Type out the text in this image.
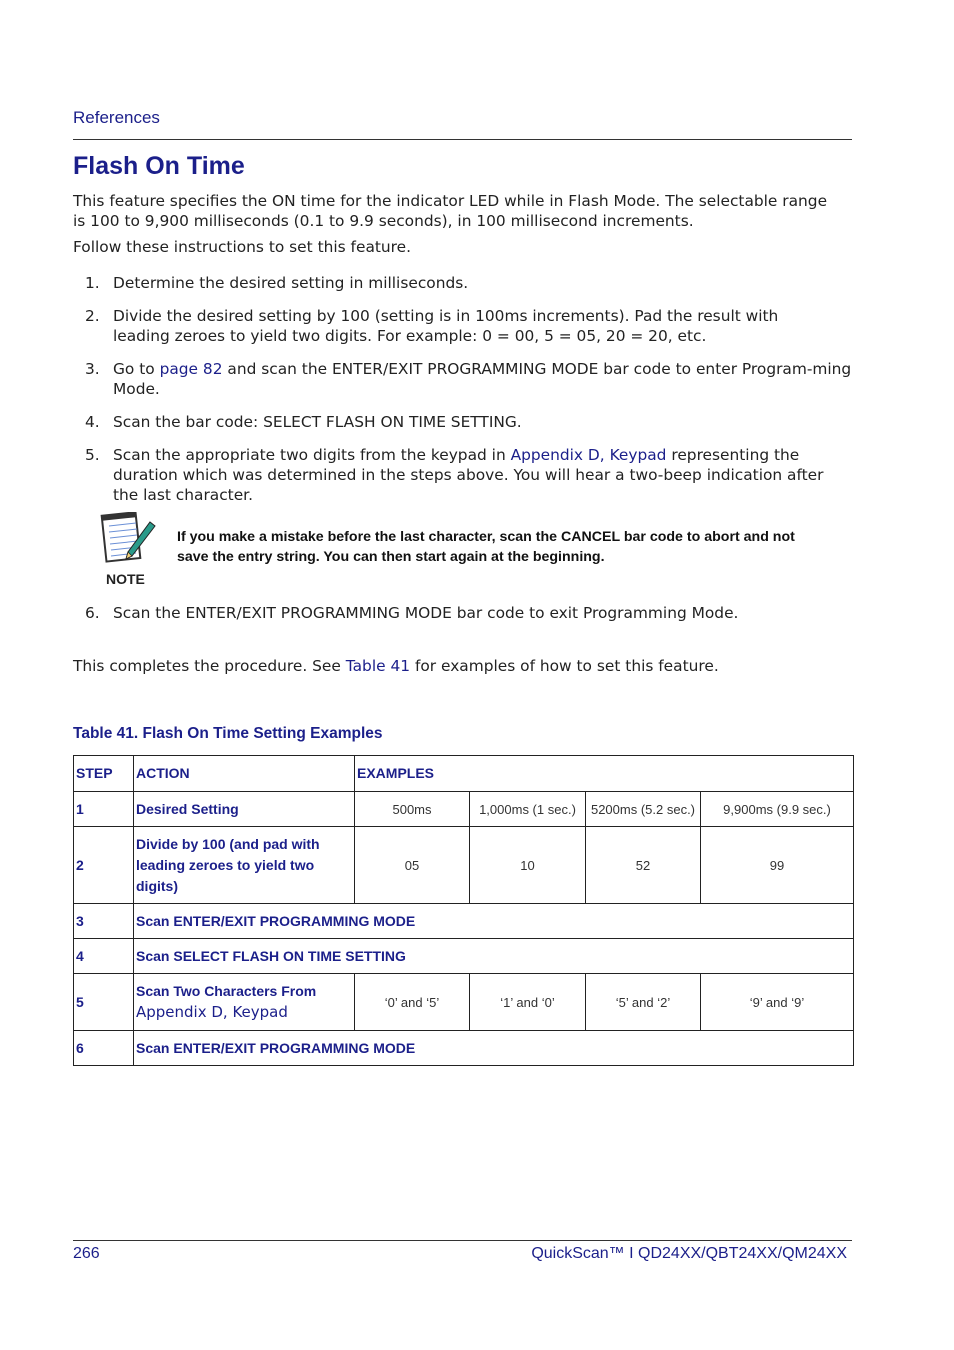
References
Flash On Time
This feature specifies the ON time for the indicator LED while in Flash Mode. The selectable range is 100 to 9,900 milliseconds (0.1 to 9.9 seconds), in 100 millisecond increments.
Follow these instructions to set this feature.
1. Determine the desired setting in milliseconds.
2. Divide the desired setting by 100 (setting is in 100ms increments). Pad the result with leading zeroes to yield two digits. For example: 0 = 00, 5 = 05, 20 = 20, etc.
3. Go to page 82 and scan the ENTER/EXIT PROGRAMMING MODE bar code to enter Program-ming Mode.
4. Scan the bar code: SELECT FLASH ON TIME SETTING.
5. Scan the appropriate two digits from the keypad in Appendix D, Keypad representing the duration which was determined in the steps above. You will hear a two-beep indication after the last character.
NOTE
If you make a mistake before the last character, scan the CANCEL bar code to abort and not save the entry string. You can then start again at the beginning.
6. Scan the ENTER/EXIT PROGRAMMING MODE bar code to exit Programming Mode.
This completes the procedure. See Table 41 for examples of how to set this feature.
Table 41. Flash On Time Setting Examples
STEP	ACTION	EXAMPLES			
1	Desired Setting	500ms	1,000ms (1 sec.)	5200ms (5.2 sec.)	9,900ms (9.9 sec.)
2	Divide by 100 (and pad with leading zeroes to yield two digits)	05	10	52	99
3	Scan ENTER/EXIT PROGRAMMING MODE				
4	Scan SELECT FLASH ON TIME SETTING				
5	Scan Two Characters From
Appendix D, Keypad	‘0’ and ‘5’	‘1’ and ‘0’	‘5’ and ‘2’	‘9’ and ‘9’
6	Scan ENTER/EXIT PROGRAMMING MODE				
266	QuickScan™ I QD24XX/QBT24XX/QM24XX
